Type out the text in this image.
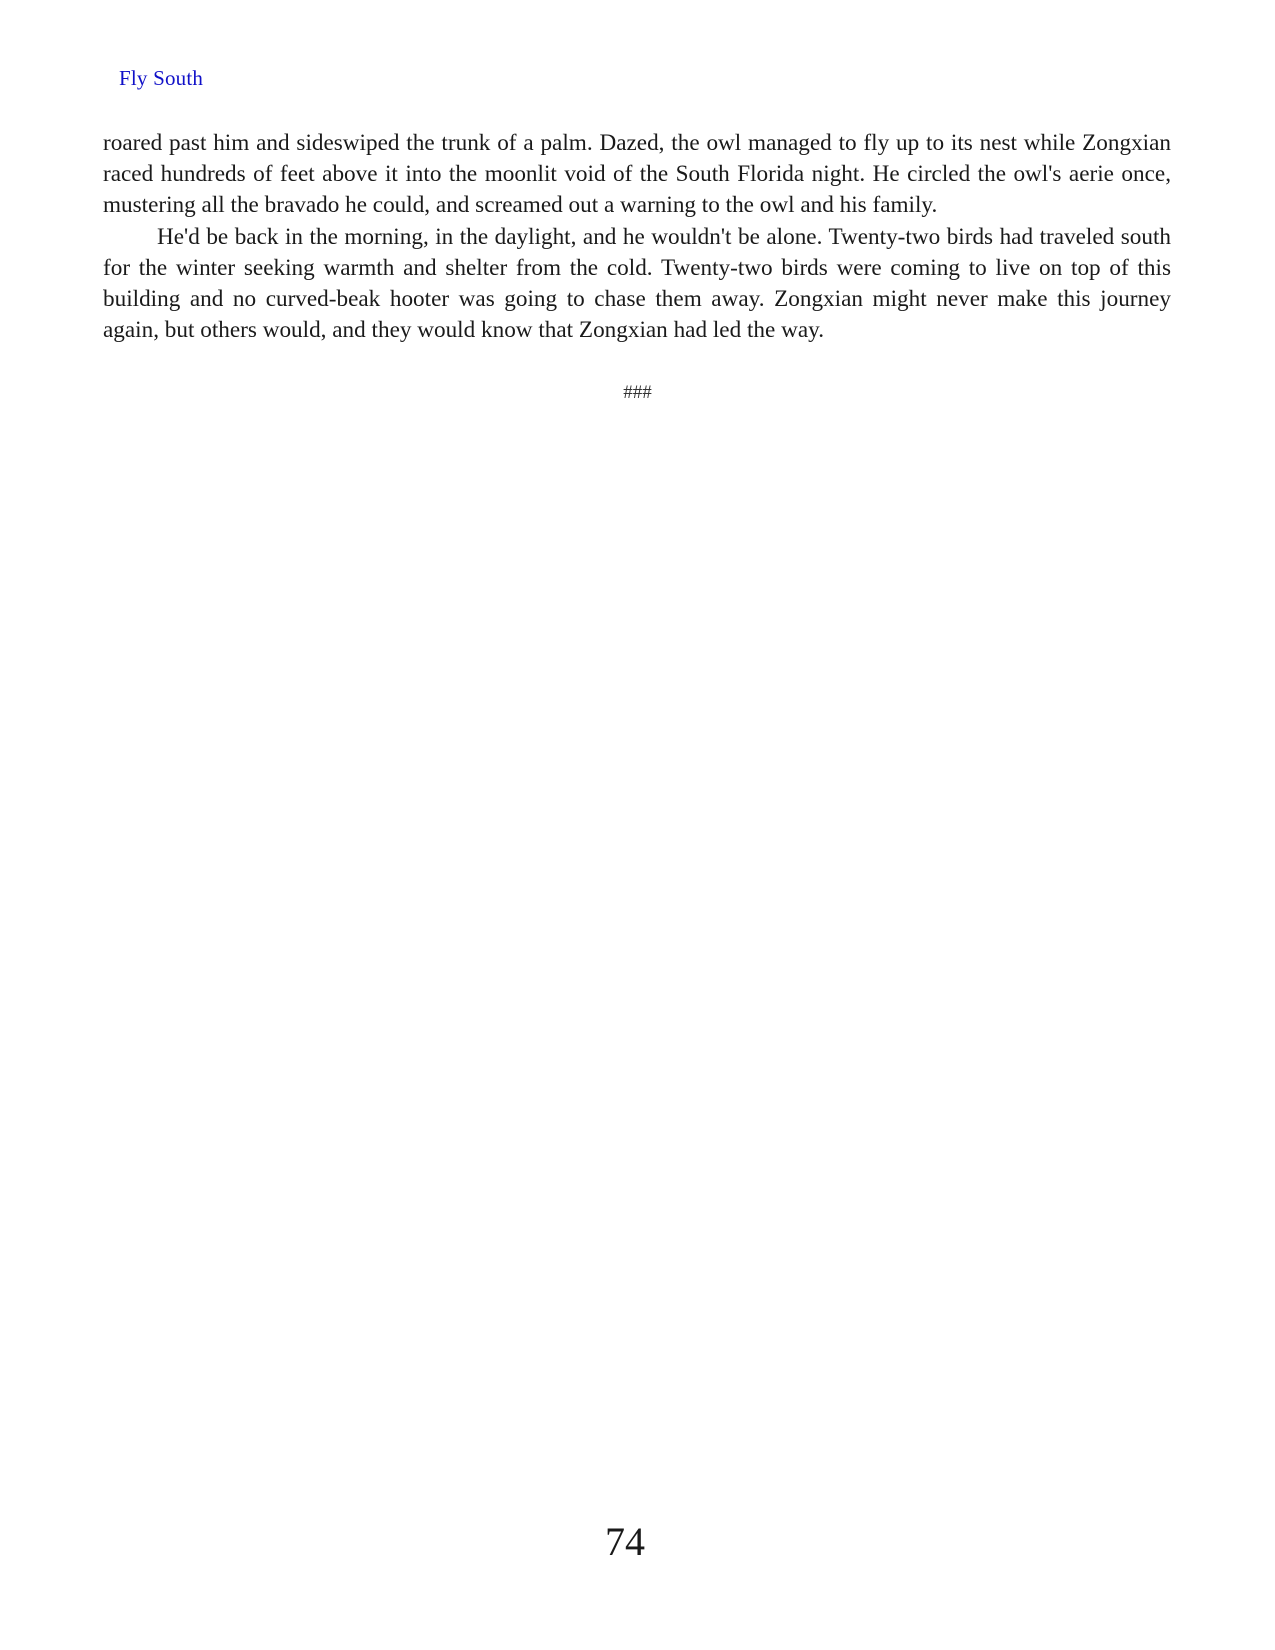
Fly South

roared past him and sideswiped the trunk of a palm. Dazed, the owl managed to fly up to its nest while Zongxian raced hundreds of feet above it into the moonlit void of the South Florida night. He circled the owl's aerie once, mustering all the bravado he could, and screamed out a warning to the owl and his family.

He'd be back in the morning, in the daylight, and he wouldn't be alone. Twenty-two birds had traveled south for the winter seeking warmth and shelter from the cold. Twenty-two birds were coming to live on top of this building and no curved-beak hooter was going to chase them away. Zongxian might never make this journey again, but others would, and they would know that Zongxian had led the way.

###
74
